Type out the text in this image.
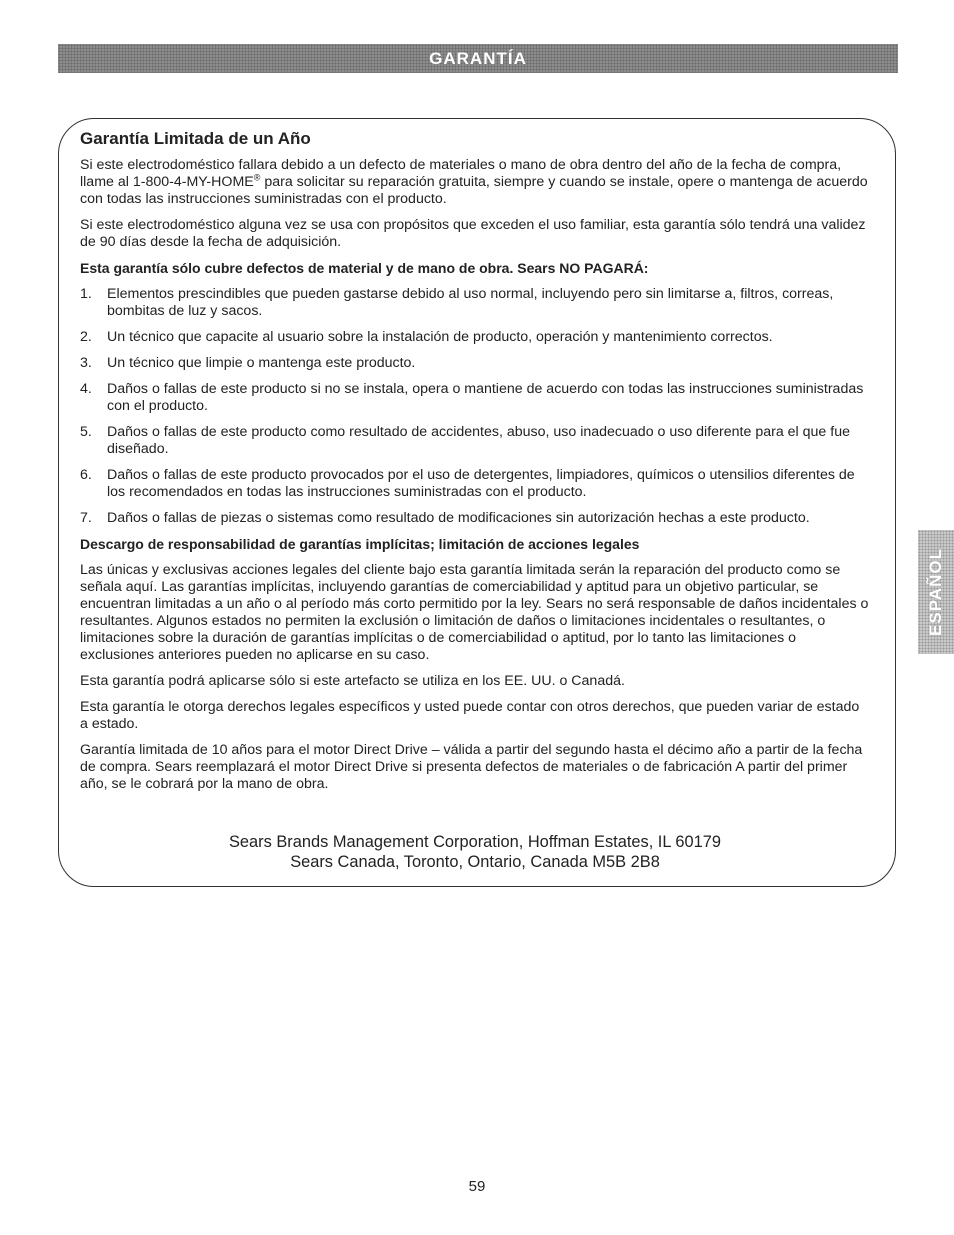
GARANTÍA
Garantía Limitada de un Año

Si este electrodoméstico fallara debido a un defecto de materiales o mano de obra dentro del año de la fecha de compra, llame al 1-800-4-MY-HOME® para solicitar su reparación gratuita, siempre y cuando se instale, opere o mantenga de acuerdo con todas las instrucciones suministradas con el producto.

Si este electrodoméstico alguna vez se usa con propósitos que exceden el uso familiar, esta garantía sólo tendrá una validez de 90 días desde la fecha de adquisición.

Esta garantía sólo cubre defectos de material y de mano de obra. Sears NO PAGARÁ:

1.	Elementos prescindibles que pueden gastarse debido al uso normal, incluyendo pero sin limitarse a, filtros, correas, bombitas de luz y sacos.
2.	Un técnico que capacite al usuario sobre la instalación de producto, operación y mantenimiento correctos.
3.	Un técnico que limpie o mantenga este producto.
4.	Daños o fallas de este producto si no se instala, opera o mantiene de acuerdo con todas las instrucciones suministradas con el producto.
5.	Daños o fallas de este producto como resultado de accidentes, abuso, uso inadecuado o uso diferente para el que fue diseñado.
6.	Daños o fallas de este producto provocados por el uso de detergentes, limpiadores, químicos o utensilios diferentes de los recomendados en todas las instrucciones suministradas con el producto.
7.	Daños o fallas de piezas o sistemas como resultado de modificaciones sin autorización hechas a este producto.

Descargo de responsabilidad de garantías implícitas; limitación de acciones legales

Las únicas y exclusivas acciones legales del cliente bajo esta garantía limitada serán la reparación del producto como se señala aquí. Las garantías implícitas, incluyendo garantías de comerciabilidad y aptitud para un objetivo particular, se encuentran limitadas a un año o al período más corto permitido por la ley. Sears no será responsable de daños incidentales o resultantes. Algunos estados no permiten la exclusión o limitación de daños o limitaciones incidentales o resultantes, o limitaciones sobre la duración de garantías implícitas o de comerciabilidad o aptitud, por lo tanto las limitaciones o exclusiones anteriores pueden no aplicarse en su caso.

Esta garantía podrá aplicarse sólo si este artefacto se utiliza en los EE. UU. o Canadá.

Esta garantía le otorga derechos legales específicos y usted puede contar con otros derechos, que pueden variar de estado a estado.

Garantía limitada de 10 años para el motor Direct Drive – válida a partir del segundo hasta el décimo año a partir de la fecha de compra. Sears reemplazará el motor Direct Drive si presenta defectos de materiales o de fabricación A partir del primer año, se le cobrará por la mano de obra.

Sears Brands Management Corporation, Hoffman Estates, IL 60179
Sears Canada, Toronto, Ontario, Canada M5B 2B8
ESPAÑOL
59
